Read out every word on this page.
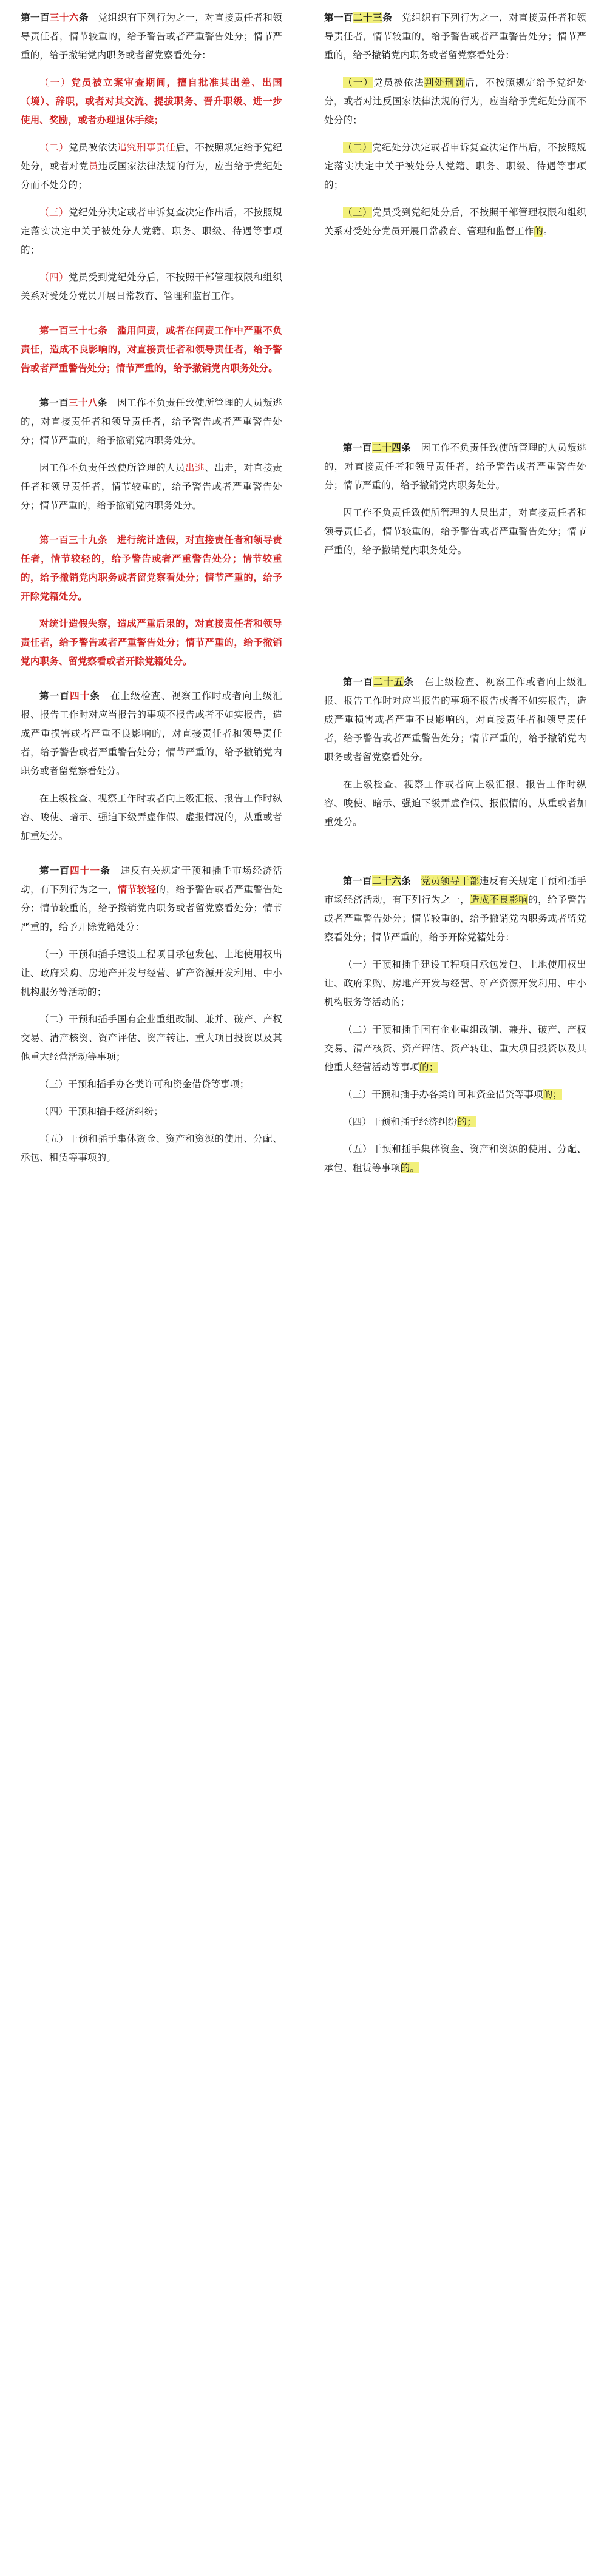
第一百三十六条　党组织有下列行为之一，对直接责任者和领导责任者，情节较重的，给予警告或者严重警告处分；情节严重的，给予撤销党内职务或者留党察看处分：

（一）党员被立案审查期间，擅自批准其出差、出国（境）、辞职，或者对其交流、提拔职务、晋升职级、进一步使用、奖励，或者办理退休手续；

（二）党员被依法追究刑事责任后，不按照规定给予党纪处分，或者对党员违反国家法律法规的行为，应当给予党纪处分而不处分的；

（三）党纪处分决定或者申诉复查决定作出后，不按照规定落实决定中关于被处分人党籍、职务、职级、待遇等事项的；

（四）党员受到党纪处分后，不按照干部管理权限和组织关系对受处分党员开展日常教育、管理和监督工作。

第一百三十七条　滥用问责，或者在问责工作中严重不负责任，造成不良影响的，对直接责任者和领导责任者，给予警告或者严重警告处分；情节严重的，给予撤销党内职务处分。

第一百三十八条　因工作不负责任致使所管理的人员叛逃的，对直接责任者和领导责任者，给予警告或者严重警告处分；情节严重的，给予撤销党内职务处分。

因工作不负责任致使所管理的人员出逃、出走，对直接责任者和领导责任者，情节较重的，给予警告或者严重警告处分；情节严重的，给予撤销党内职务处分。

第一百三十九条　进行统计造假，对直接责任者和领导责任者，情节较轻的，给予警告或者严重警告处分；情节较重的，给予撤销党内职务或者留党察看处分；情节严重的，给予开除党籍处分。

对统计造假失察，造成严重后果的，对直接责任者和领导责任者，给予警告或者严重警告处分；情节严重的，给予撤销党内职务、留党察看或者开除党籍处分。

第一百四十条　在上级检查、视察工作时或者向上级汇报、报告工作时对应当报告的事项不报告或者不如实报告，造成严重损害或者严重不良影响的，对直接责任者和领导责任者，给予警告或者严重警告处分；情节严重的，给予撤销党内职务或者留党察看处分。

在上级检查、视察工作时或者向上级汇报、报告工作时纵容、唆使、暗示、强迫下级弄虚作假、虚报情况的，从重或者加重处分。

第一百四十一条　违反有关规定干预和插手市场经济活动，有下列行为之一，情节较轻的，给予警告或者严重警告处分；情节较重的，给予撤销党内职务或者留党察看处分；情节严重的，给予开除党籍处分：

（一）干预和插手建设工程项目承包发包、土地使用权出让、政府采购、房地产开发与经营、矿产资源开发利用、中小机构服务等活动的；

（二）干预和插手国有企业重组改制、兼并、破产、产权交易、清产核资、资产评估、资产转让、重大项目投资以及其他重大经营活动等事项；

（三）干预和插手办各类许可和资金借贷等事项；

（四）干预和插手经济纠纷；

（五）干预和插手集体资金、资产和资源的使用、分配、承包、租赁等事项的。

第一百二十三条　党组织有下列行为之一，对直接责任者和领导责任者，情节较重的，给予警告或者严重警告处分；情节严重的，给予撤销党内职务或者留党察看处分：

（一）党员被依法判处刑罚后，不按照规定给予党纪处分，或者对违反国家法律法规的行为，应当给予党纪处分而不处分的；

（二）党纪处分决定或者申诉复查决定作出后，不按照规定落实决定中关于被处分人党籍、职务、职级、待遇等事项的；

（三）党员受到党纪处分后，不按照干部管理权限和组织关系对受处分党员开展日常教育、管理和监督工作的。

第一百二十四条　因工作不负责任致使所管理的人员叛逃的，对直接责任者和领导责任者，给予警告或者严重警告处分；情节严重的，给予撤销党内职务处分。

因工作不负责任致使所管理的人员出走，对直接责任者和领导责任者，情节较重的，给予警告或者严重警告处分；情节严重的，给予撤销党内职务处分。

第一百二十五条　在上级检查、视察工作或者向上级汇报、报告工作时对应当报告的事项不报告或者不如实报告，造成严重损害或者严重不良影响的，对直接责任者和领导责任者，给予警告或者严重警告处分；情节严重的，给予撤销党内职务或者留党察看处分。

在上级检查、视察工作或者向上级汇报、报告工作时纵容、唆使、暗示、强迫下级弄虚作假、报假情的，从重或者加重处分。

第一百二十六条　党员领导干部违反有关规定干预和插手市场经济活动，有下列行为之一，造成不良影响的，给予警告或者严重警告处分；情节较重的，给予撤销党内职务或者留党察看处分；情节严重的，给予开除党籍处分：

（一）干预和插手建设工程项目承包发包、土地使用权出让、政府采购、房地产开发与经营、矿产资源开发利用、中小机构服务等活动的；

（二）干预和插手国有企业重组改制、兼并、破产、产权交易、清产核资、资产评估、资产转让、重大项目投资以及其他重大经营活动等事项的；

（三）干预和插手办各类许可和资金借贷等事项的；

（四）干预和插手经济纠纷的；

（五）干预和插手集体资金、资产和资源的使用、分配、承包、租赁等事项的。
